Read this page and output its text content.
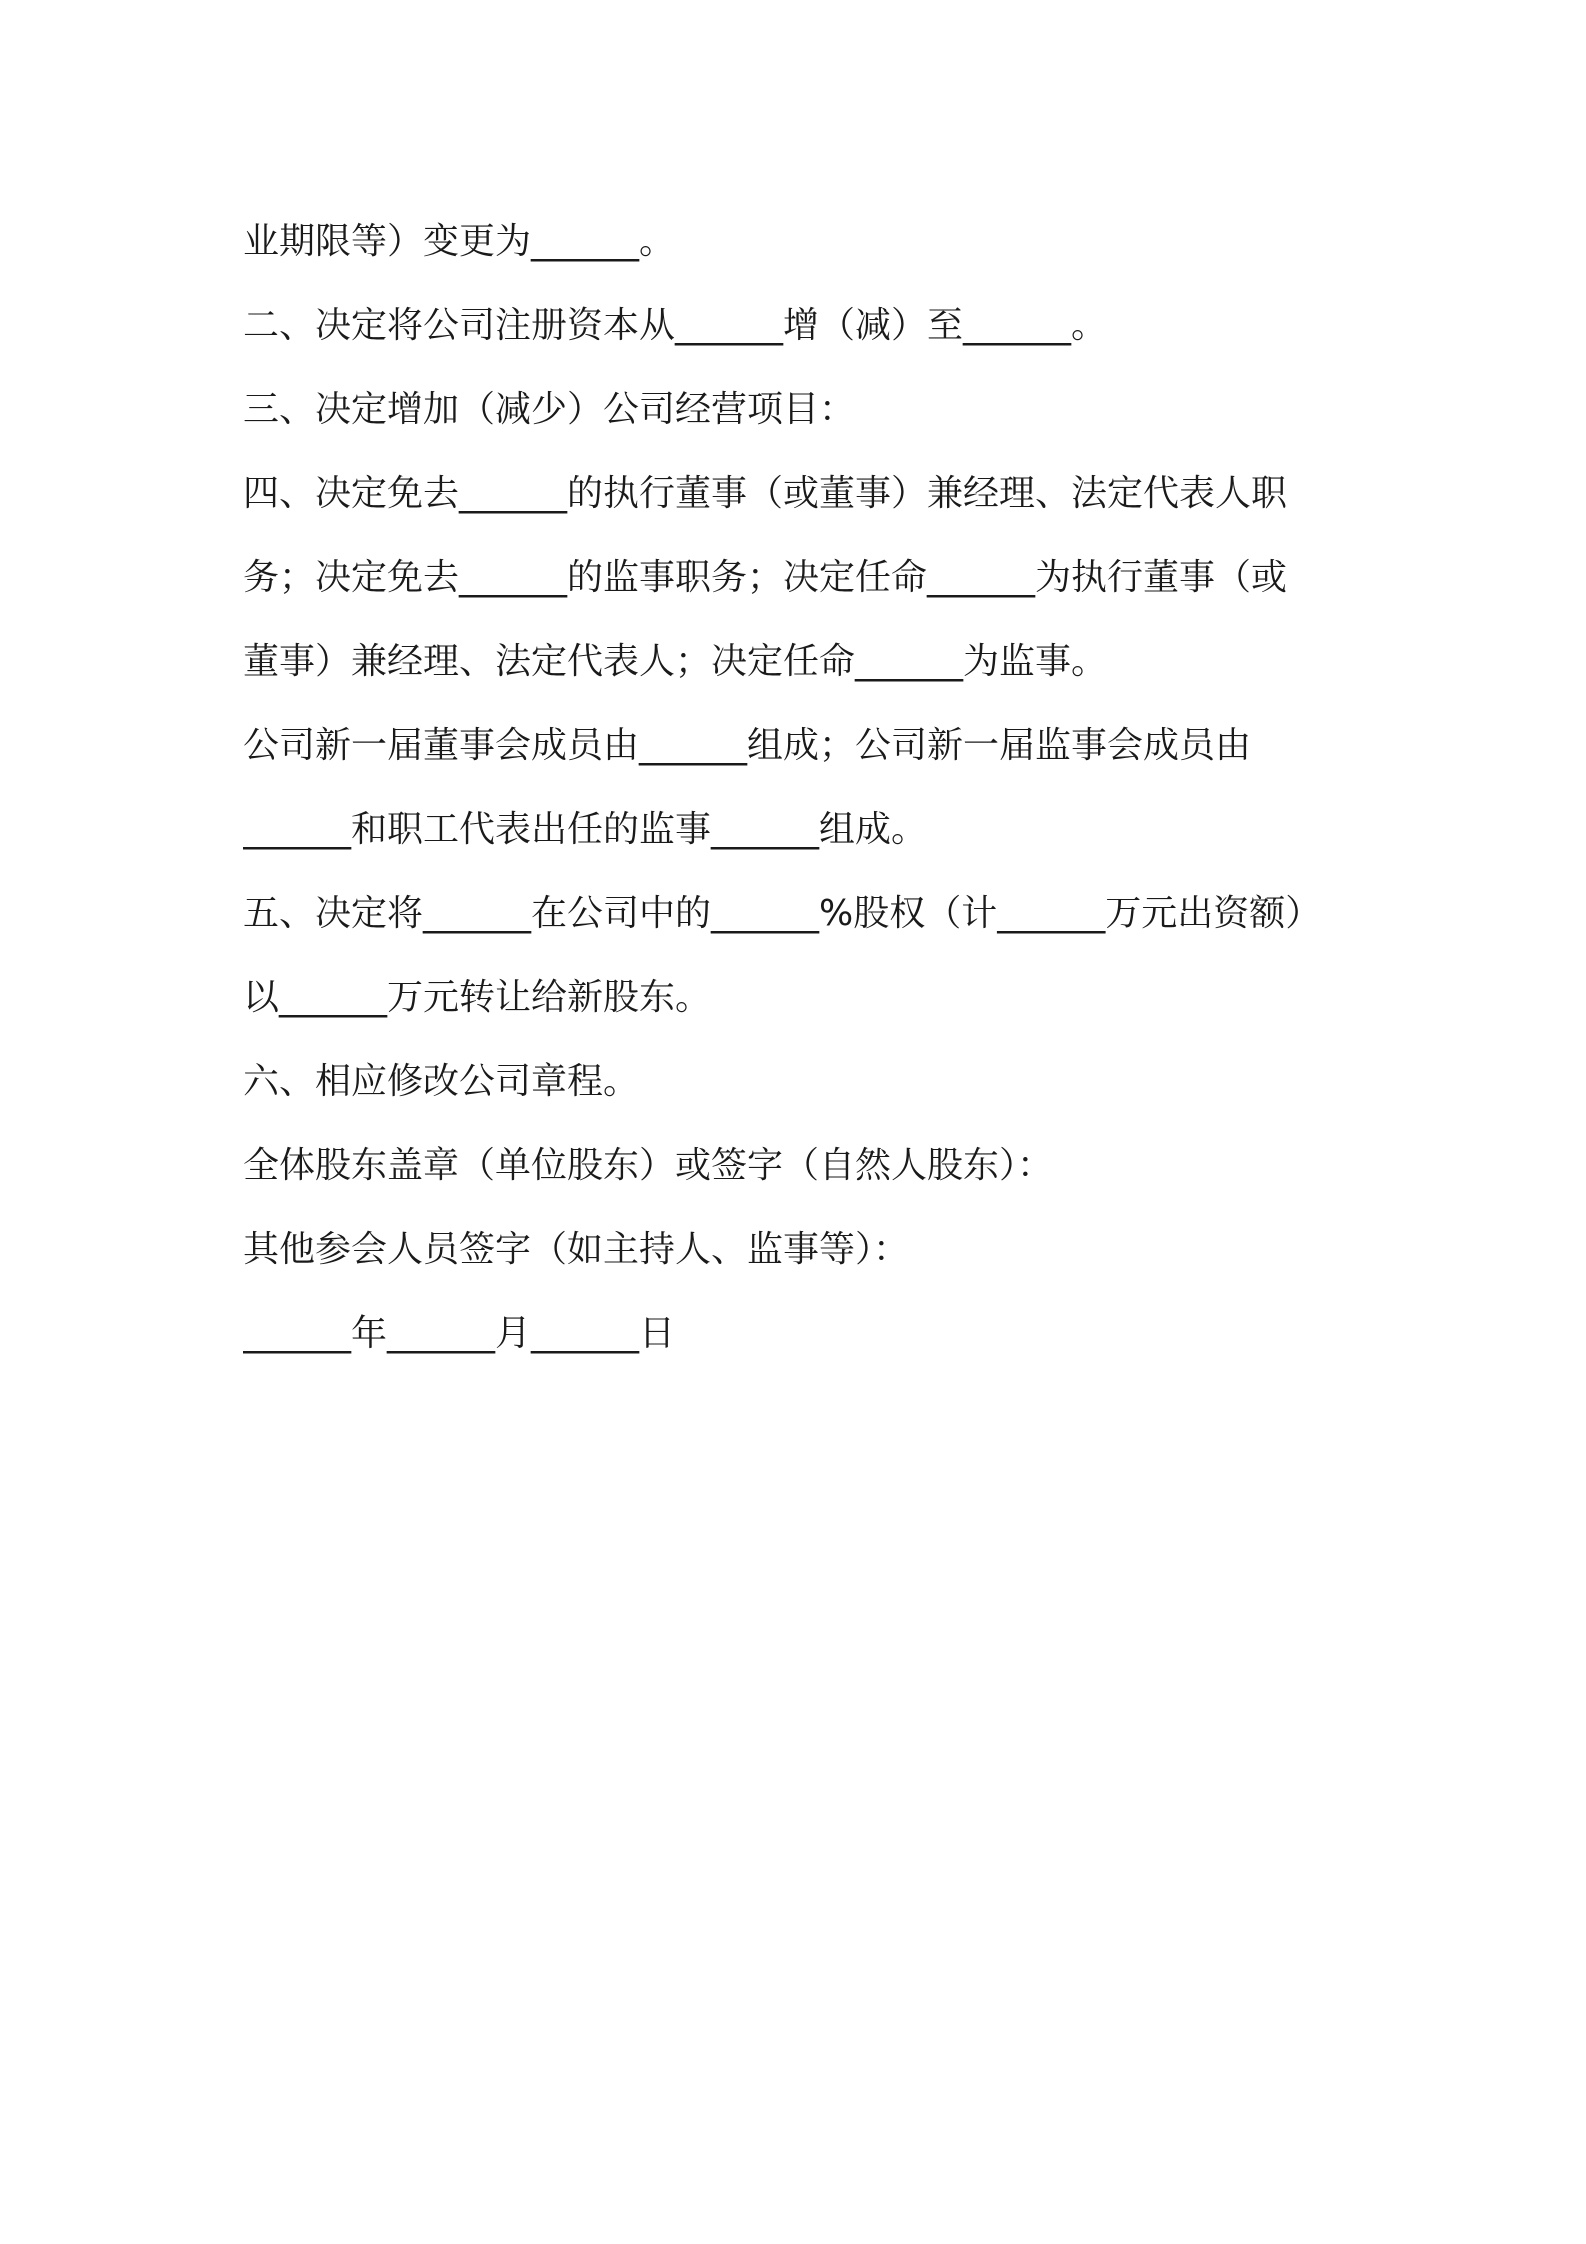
业期限等）变更为______。
二、决定将公司注册资本从______增（减）至______。
三、决定增加（减少）公司经营项目：
四、决定免去______的执行董事（或董事）兼经理、法定代表人职
务；决定免去______的监事职务；决定任命______为执行董事（或
董事）兼经理、法定代表人；决定任命______为监事。
公司新一届董事会成员由______组成；公司新一届监事会成员由
______和职工代表出任的监事______组成。
五、决定将______在公司中的______%股权（计______万元出资额）
以______万元转让给新股东。
六、相应修改公司章程。
全体股东盖章（单位股东）或签字（自然人股东）：
其他参会人员签字（如主持人、监事等）：
______年______月______日
